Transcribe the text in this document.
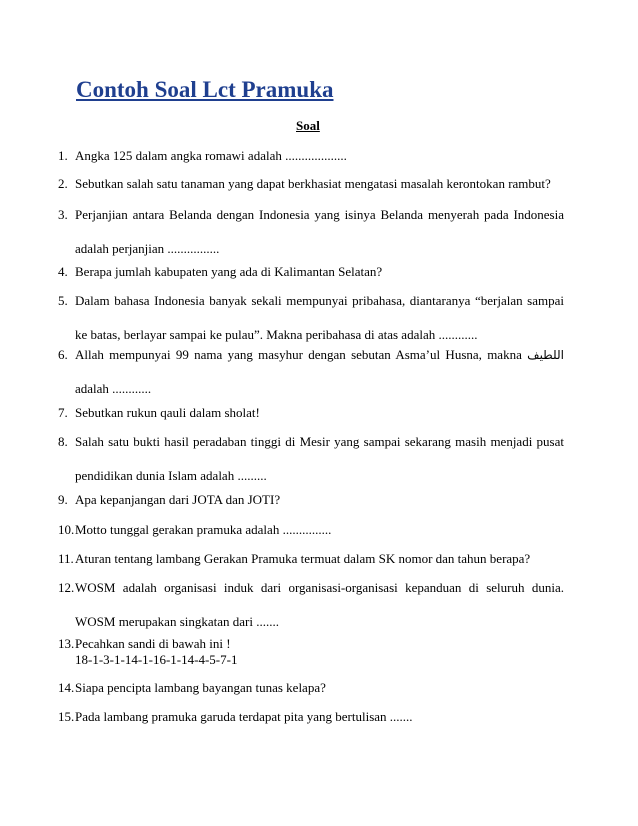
Contoh Soal Lct Pramuka
Soal
1. Angka 125 dalam angka romawi adalah ...................
2. Sebutkan salah satu tanaman yang dapat berkhasiat mengatasi masalah kerontokan rambut?
3. Perjanjian antara Belanda dengan Indonesia yang isinya Belanda menyerah pada Indonesia adalah perjanjian ................
4. Berapa jumlah kabupaten yang ada di Kalimantan Selatan?
5. Dalam bahasa Indonesia banyak sekali mempunyai pribahasa, diantaranya “berjalan sampai ke batas, berlayar sampai ke pulau”. Makna peribahasa di atas adalah ............
6. Allah mempunyai 99 nama yang masyhur dengan sebutan Asma’ul Husna, makna اللطيف adalah ............
7. Sebutkan rukun qauli dalam sholat!
8. Salah satu bukti hasil peradaban tinggi di Mesir yang sampai sekarang masih menjadi pusat pendidikan dunia Islam adalah .........
9. Apa kepanjangan dari JOTA dan JOTI?
10. Motto tunggal gerakan pramuka adalah ...............
11. Aturan tentang lambang Gerakan Pramuka termuat dalam SK nomor dan tahun berapa?
12. WOSM adalah organisasi induk dari organisasi-organisasi kepanduan di seluruh dunia. WOSM merupakan singkatan dari .......
13. Pecahkan sandi di bawah ini !
18-1-3-1-14-1-16-1-14-4-5-7-1
14. Siapa pencipta lambang bayangan tunas kelapa?
15. Pada lambang pramuka garuda terdapat pita yang bertulisan .......
